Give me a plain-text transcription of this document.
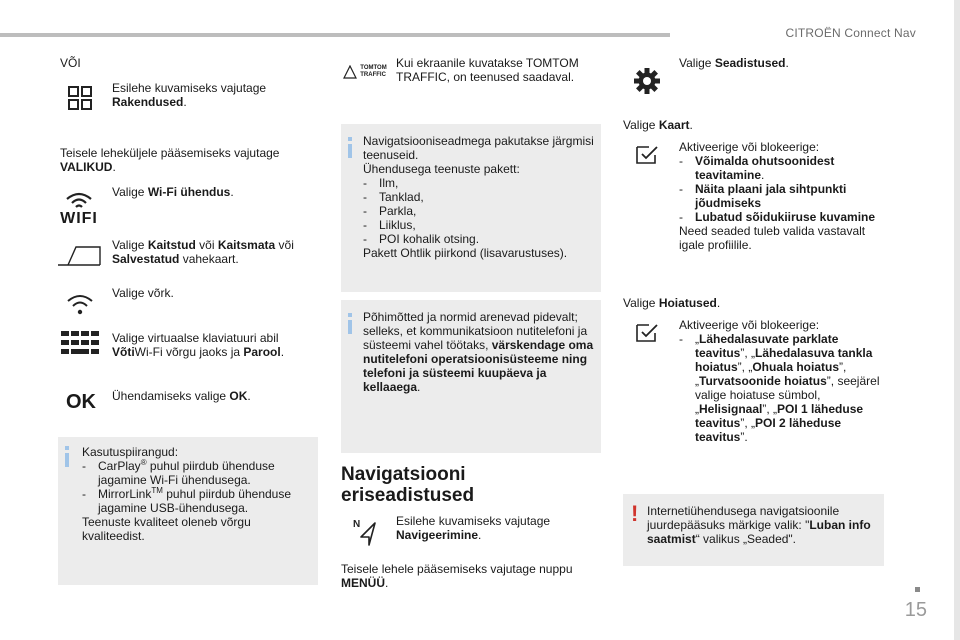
CITROËN Connect Nav
15
VÕI
Esilehe kuvamiseks vajutage Rakendused.
Teisele leheküljele pääsemiseks vajutage VALIKUD.
WIFI
Valige Wi-Fi ühendus.
Valige Kaitstud või Kaitsmata või Salvestatud vahekaart.
Valige võrk.
Valige virtuaalse klaviatuuri abil VõtiWi-Fi võrgu jaoks ja Parool.
OK	Ühendamiseks valige OK.
Kasutuspiirangud:
- CarPlay® puhul piirdub ühenduse jagamine Wi-Fi ühendusega.
- MirrorLink™ puhul piirdub ühenduse jagamine USB-ühendusega.
Teenuste kvaliteet oleneb võrgu kvaliteedist.
TOMTOM
TRAFFIC
Kui ekraanile kuvatakse TOMTOM TRAFFIC, on teenused saadaval.
Navigatsiooniseadmega pakutakse järgmisi teenuseid.
Ühendusega teenuste pakett:
- Ilm,
- Tanklad,
- Parkla,
- Liiklus,
- POI kohalik otsing.
Pakett Ohtlik piirkond (lisavarustuses).
Põhimõtted ja normid arenevad pidevalt; selleks, et kommunikatsioon nutitelefoni ja süsteemi vahel töötaks, värskendage oma nutitelefoni operatsioonisüsteeme ning telefoni ja süsteemi kuupäeva ja kellaaega.
Navigatsiooni
eriseadistused
N	Esilehe kuvamiseks vajutage Navigeerimine.
Teisele lehele pääsemiseks vajutage nuppu MENÜÜ.
Valige Seadistused.
Valige Kaart.
Aktiveerige või blokeerige:
- Võimalda ohutsoonidest teavitamine.
- Näita plaani jala sihtpunkti jõudmiseks
- Lubatud sõidukiiruse kuvamine
Need seaded tuleb valida vastavalt igale profiilile.
Valige Hoiatused.
Aktiveerige või blokeerige:
- „Lähedalasuvate parklate teavitus”, „Lähedalasuva tankla hoiatus”, „Ohuala hoiatus”, „Turvatsoonide hoiatus”, seejärel valige hoiatuse sümbol, „Helisignaal”, „POI 1 läheduse teavitus”, „POI 2 läheduse teavitus”.
! Internetiühendusega navigatsioonile juurdepääsuks märkige valik: "Luban info saatmist“ valikus „Seaded".
